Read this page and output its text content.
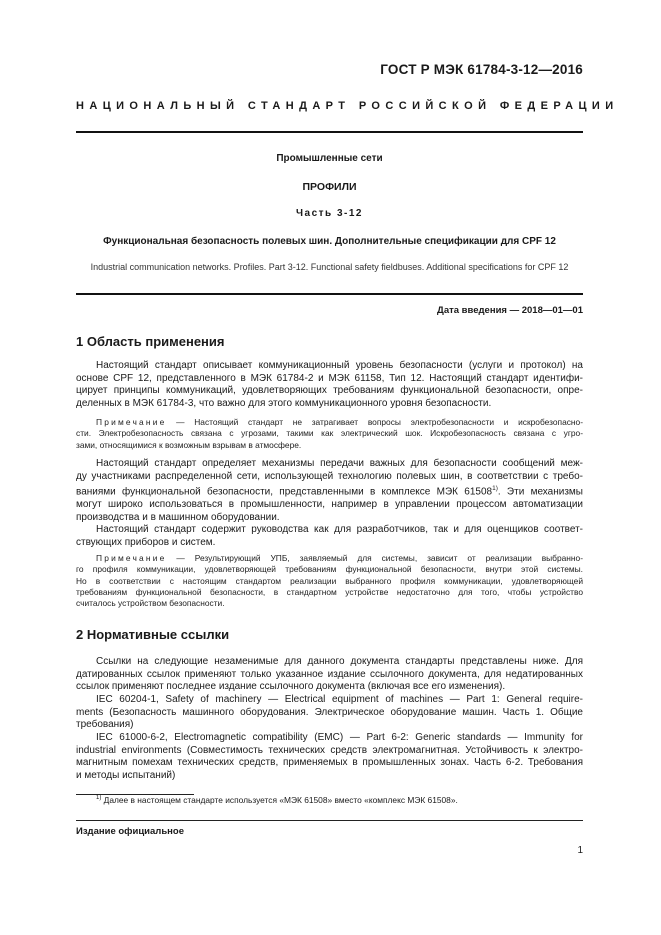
ГОСТ Р МЭК 61784-3-12—2016
НАЦИОНАЛЬНЫЙ СТАНДАРТ РОССИЙСКОЙ ФЕДЕРАЦИИ
Промышленные сети
ПРОФИЛИ
Часть 3-12
Функциональная безопасность полевых шин. Дополнительные спецификации для CPF 12
Industrial communication networks. Profiles. Part 3-12. Functional safety fieldbuses. Additional specifications for CPF 12
Дата введения — 2018—01—01
1 Область применения
Настоящий стандарт описывает коммуникационный уровень безопасности (услуги и протокол) на
основе CPF 12, представленного в МЭК 61784-2 и МЭК 61158, Тип 12. Настоящий стандарт идентифи-
цирует принципы коммуникаций, удовлетворяющих требованиям функциональной безопасности, опре-
деленных в МЭК 61784-3, что важно для этого коммуникационного уровня безопасности.
Примечание — Настоящий стандарт не затрагивает вопросы электробезопасности и искробезопасно-
сти. Электробезопасность связана с угрозами, такими как электрический шок. Искробезопасность связана с угро-
зами, относящимися к возможным взрывам в атмосфере.
Настоящий стандарт определяет механизмы передачи важных для безопасности сообщений меж-
ду участниками распределенной сети, использующей технологию полевых шин, в соответствии с требо-
ваниями функциональной безопасности, представленными в комплексе МЭК 61508$^{1)}$. Эти механизмы
могут широко использоваться в промышленности, например в управлении процессом автоматизации
производства и в машинном оборудовании.
Настоящий стандарт содержит руководства как для разработчиков, так и для оценщиков соответ-
ствующих приборов и систем.
Примечание — Результирующий УПБ, заявляемый для системы, зависит от реализации выбранно-
го профиля коммуникации, удовлетворяющей требованиям функциональной безопасности, внутри этой системы.
Но в соответствии с настоящим стандартом реализации выбранного профиля коммуникации, удовлетворяющей
требованиям функциональной безопасности, в стандартном устройстве недостаточно для того, чтобы устройство
считалось устройством безопасности.
2 Нормативные ссылки
Ссылки на следующие незаменимые для данного документа стандарты представлены ниже. Для
датированных ссылок применяют только указанное издание ссылочного документа, для недатированных
ссылок применяют последнее издание ссылочного документа (включая все его изменения).
IEC 60204-1, Safety of machinery — Electrical equipment of machines — Part 1: General require-
ments (Безопасность машинного оборудования. Электрическое оборудование машин. Часть 1. Общие
требования)
IEC 61000-6-2, Electromagnetic compatibility (EMC) — Part 6-2: Generic standards — Immunity for
industrial environments (Совместимость технических средств электромагнитная. Устойчивость к электро-
магнитным помехам технических средств, применяемых в промышленных зонах. Часть 6-2. Требования
и методы испытаний)
$^{1)}$ Далее в настоящем стандарте используется «МЭК 61508» вместо «комплекс МЭК 61508».
Издание официальное
1
